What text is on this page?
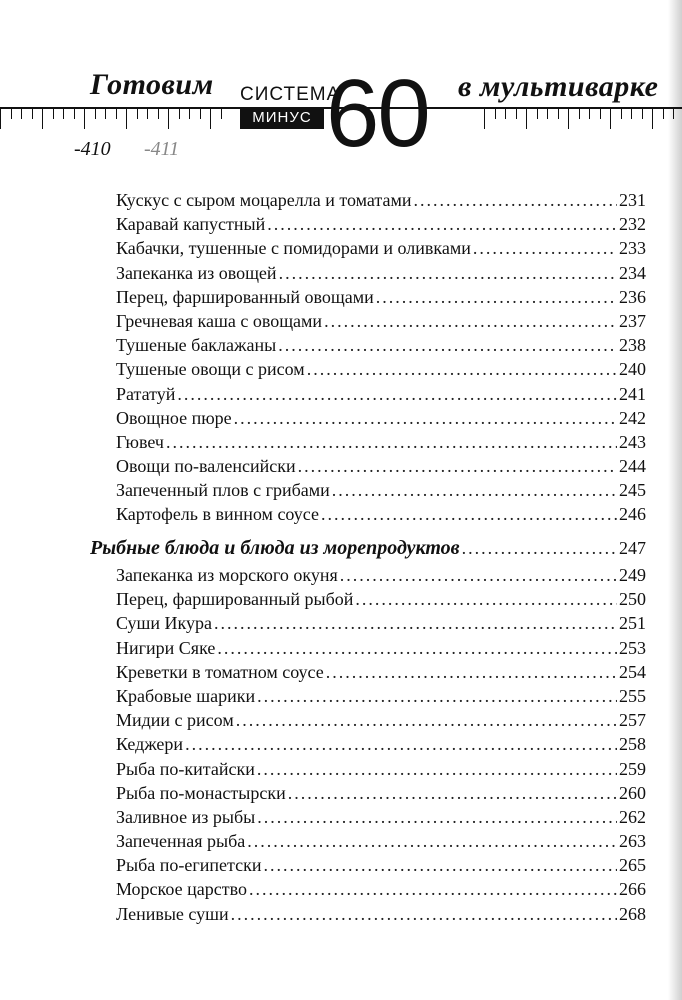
Готовим СИСТЕМА
МИНУС 60 в мультиварке
-410 -411
Кускус с сыром моцарелла и томатами .....	231
Каравай капустный .....	232
Кабачки, тушенные с помидорами и оливками .....	233
Запеканка из овощей .....	234
Перец, фаршированный овощами .....	236
Гречневая каша с овощами .....	237
Тушеные баклажаны .....	238
Тушеные овощи с рисом .....	240
Рататуй .....	241
Овощное пюре .....	242
Гювеч .....	243
Овощи по-валенсийски .....	244
Запеченный плов с грибами .....	245
Картофель в винном соусе .....	246
Рыбные блюда и блюда из морепродуктов .....	247
Запеканка из морского окуня .....	249
Перец, фаршированный рыбой .....	250
Суши Икура .....	251
Нигири Сяке .....	253
Креветки в томатном соусе .....	254
Крабовые шарики .....	255
Мидии с рисом .....	257
Кеджери .....	258
Рыба по-китайски .....	259
Рыба по-монастырски .....	260
Заливное из рыбы .....	262
Запеченная рыба .....	263
Рыба по-египетски .....	265
Морское царство .....	266
Ленивые суши .....	268
